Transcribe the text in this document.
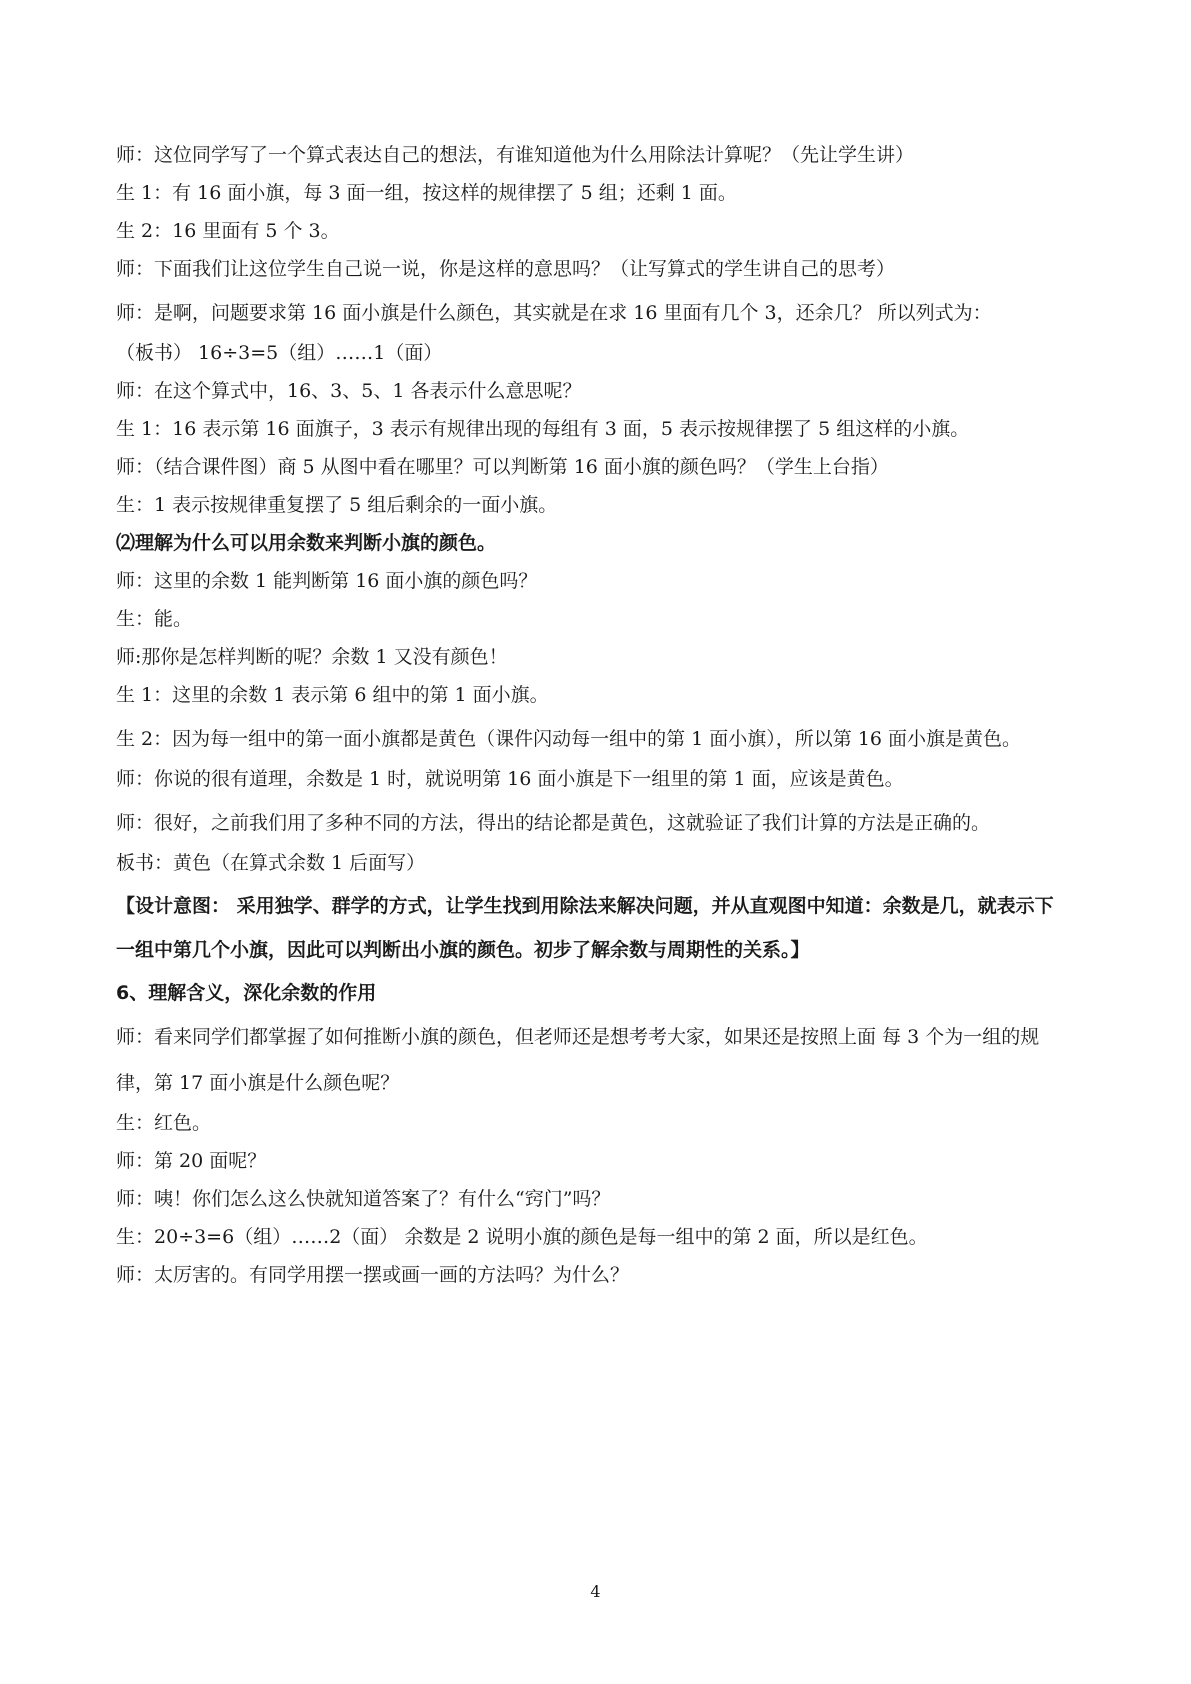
师：这位同学写了一个算式表达自己的想法，有谁知道他为什么用除法计算呢？（先让学生讲）

生 1：有 16 面小旗，每 3 面一组，按这样的规律摆了 5 组；还剩 1 面。

生 2：16 里面有 5 个 3。

师：下面我们让这位学生自己说一说，你是这样的意思吗？（让写算式的学生讲自己的思考）

师：是啊，问题要求第 16 面小旗是什么颜色，其实就是在求 16 里面有几个 3，还余几？ 所以列式为：

（板书） 16÷3=5（组）……1（面）

师：在这个算式中，16、3、5、1 各表示什么意思呢？

生 1：16 表示第 16 面旗子，3 表示有规律出现的每组有 3 面，5 表示按规律摆了 5 组这样的小旗。

师：（结合课件图）商 5 从图中看在哪里？可以判断第 16 面小旗的颜色吗？（学生上台指）

生：1 表示按规律重复摆了 5 组后剩余的一面小旗。

⑵理解为什么可以用余数来判断小旗的颜色。

师：这里的余数 1 能判断第 16 面小旗的颜色吗？

生：能。

师:那你是怎样判断的呢？余数 1 又没有颜色！

生 1：这里的余数 1 表示第 6 组中的第 1 面小旗。

生 2：因为每一组中的第一面小旗都是黄色（课件闪动每一组中的第 1 面小旗），所以第 16 面小旗是黄色。

师：你说的很有道理，余数是 1 时，就说明第 16 面小旗是下一组里的第 1 面，应该是黄色。

师：很好，之前我们用了多种不同的方法，得出的结论都是黄色，这就验证了我们计算的方法是正确的。

板书：黄色（在算式余数 1 后面写）

【设计意图： 采用独学、群学的方式，让学生找到用除法来解决问题，并从直观图中知道：余数是几，就表示下一组中第几个小旗，因此可以判断出小旗的颜色。初步了解余数与周期性的关系。】

6、理解含义，深化余数的作用

师：看来同学们都掌握了如何推断小旗的颜色，但老师还是想考考大家，如果还是按照上面 每 3 个为一组的规律，第 17 面小旗是什么颜色呢？

生：红色。

师：第 20 面呢？

师：咦！你们怎么这么快就知道答案了？有什么“窍门”吗？

生：20÷3=6（组）……2（面） 余数是 2 说明小旗的颜色是每一组中的第 2 面，所以是红色。

师：太厉害的。有同学用摆一摆或画一画的方法吗？为什么？

4
